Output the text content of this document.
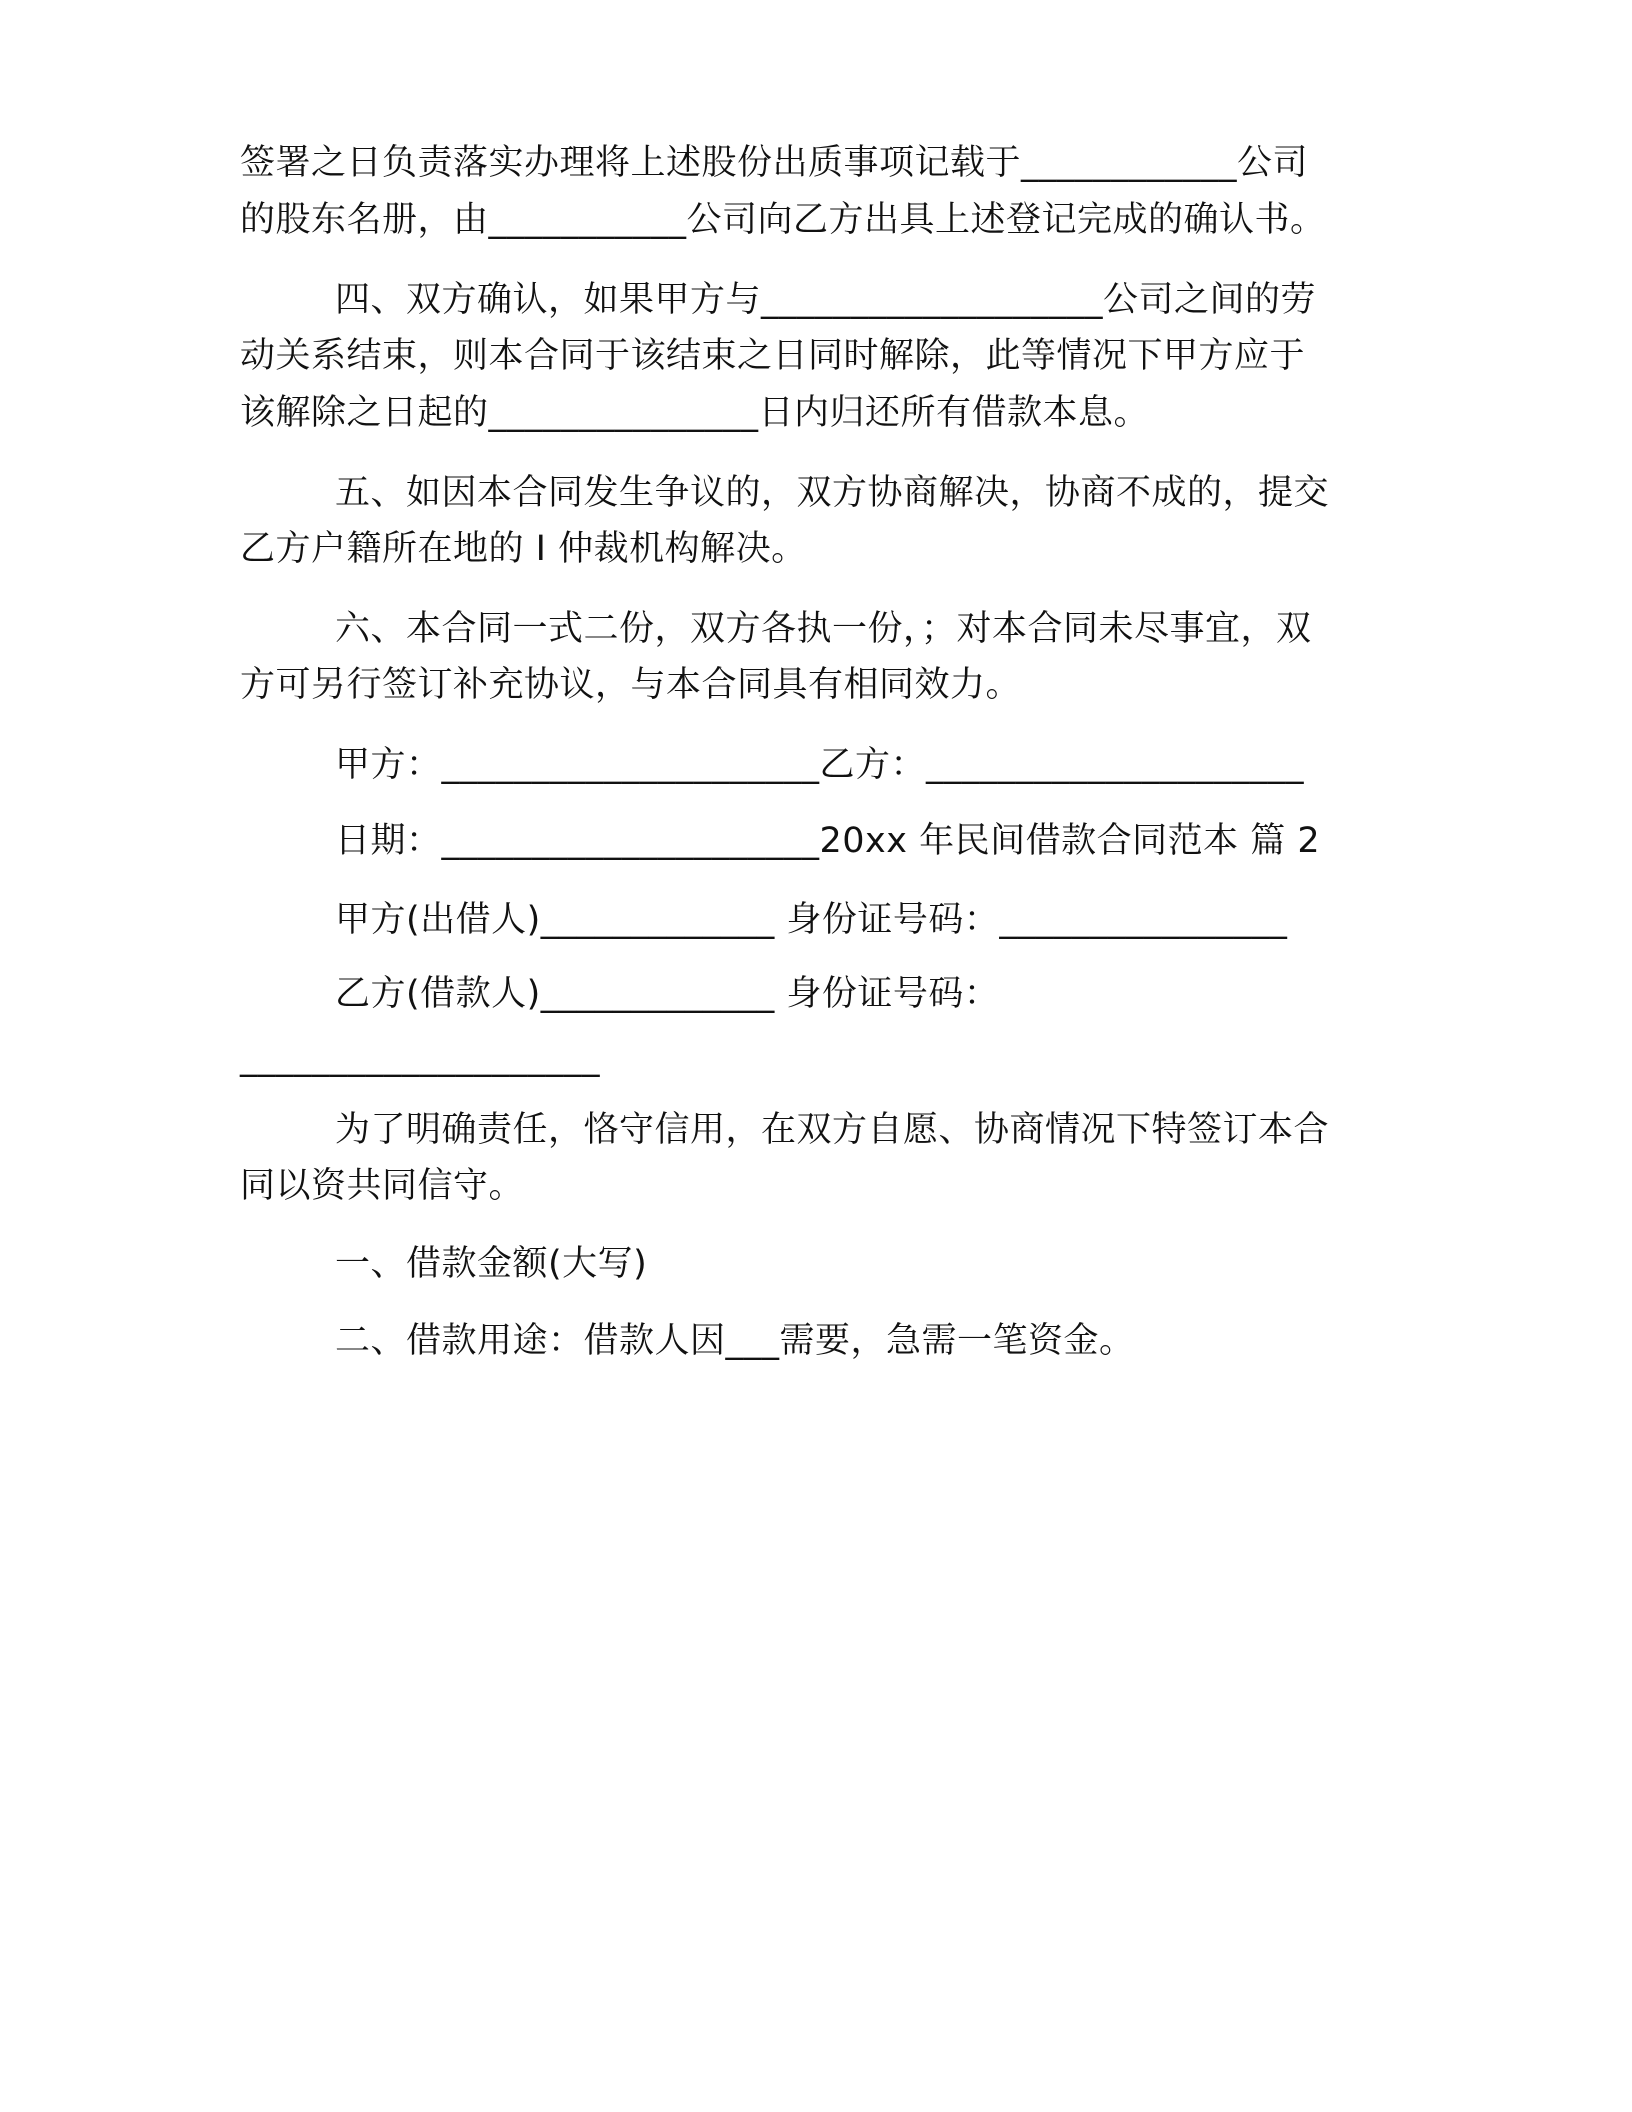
签署之日负责落实办理将上述股份出质事项记载于____________公司
的股东名册，由___________公司向乙方出具上述登记完成的确认书。
四、双方确认，如果甲方与___________________公司之间的劳
动关系结束，则本合同于该结束之日同时解除，此等情况下甲方应于
该解除之日起的_______________日内归还所有借款本息。
五、如因本合同发生争议的，双方协商解决，协商不成的，提交
乙方户籍所在地的 I 仲裁机构解决。
六、本合同一式二份，双方各执一份，；对本合同未尽事宜，双
方可另行签订补充协议，与本合同具有相同效力。
甲方：_____________________乙方：_____________________
日期：_____________________20xx 年民间借款合同范本 篇 2
甲方(出借人)_____________ 身份证号码：________________
乙方(借款人)_____________ 身份证号码：
____________________
为了明确责任，恪守信用，在双方自愿、协商情况下特签订本合
同以资共同信守。
一、借款金额(大写)
二、借款用途：借款人因___需要，急需一笔资金。
